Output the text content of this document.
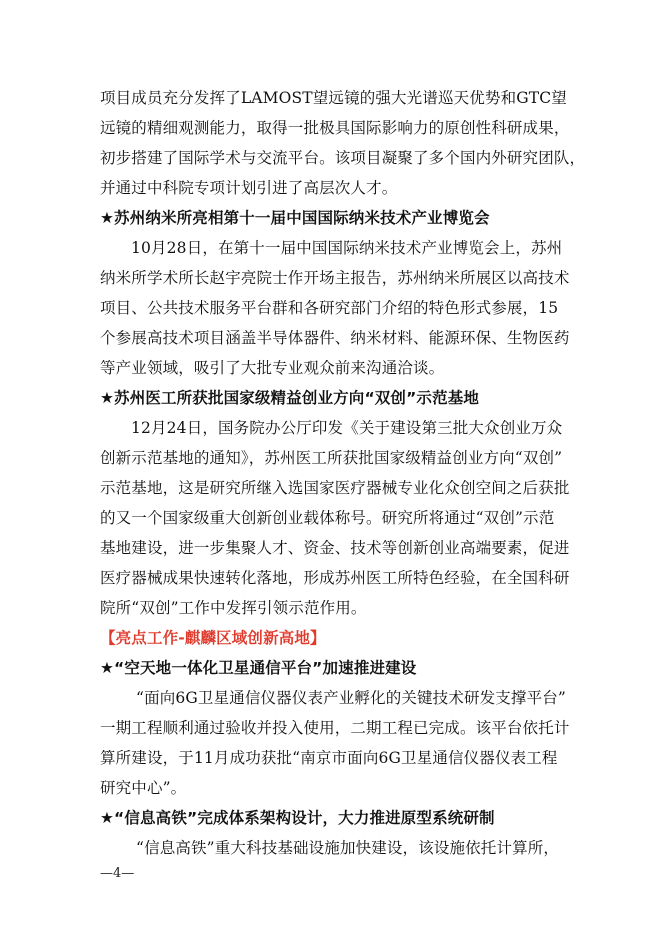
项目成员充分发挥了LAMOST望远镜的强大光谱巡天优势和GTC望
远镜的精细观测能力，取得一批极具国际影响力的原创性科研成果，
初步搭建了国际学术与交流平台。该项目凝聚了多个国内外研究团队，
并通过中科院专项计划引进了高层次人才。
★苏州纳米所亮相第十一届中国国际纳米技术产业博览会
10月28日，在第十一届中国国际纳米技术产业博览会上，苏州
纳米所学术所长赵宇亮院士作开场主报告，苏州纳米所展区以高技术
项目、公共技术服务平台群和各研究部门介绍的特色形式参展，15
个参展高技术项目涵盖半导体器件、纳米材料、能源环保、生物医药
等产业领域，吸引了大批专业观众前来沟通洽谈。
★苏州医工所获批国家级精益创业方向“双创”示范基地
12月24日，国务院办公厅印发《关于建设第三批大众创业万众
创新示范基地的通知》，苏州医工所获批国家级精益创业方向“双创”
示范基地，这是研究所继入选国家医疗器械专业化众创空间之后获批
的又一个国家级重大创新创业载体称号。研究所将通过“双创”示范
基地建设，进一步集聚人才、资金、技术等创新创业高端要素，促进
医疗器械成果快速转化落地，形成苏州医工所特色经验，在全国科研
院所“双创”工作中发挥引领示范作用。
【亮点工作-麒麟区域创新高地】
★“空天地一体化卫星通信平台”加速推进建设
“面向6G卫星通信仪器仪表产业孵化的关键技术研发支撑平台”
一期工程顺利通过验收并投入使用，二期工程已完成。该平台依托计
算所建设，于11月成功获批“南京市面向6G卫星通信仪器仪表工程
研究中心”。
★“信息高铁”完成体系架构设计，大力推进原型系统研制
“信息高铁”重大科技基础设施加快建设，该设施依托计算所，
—4—
